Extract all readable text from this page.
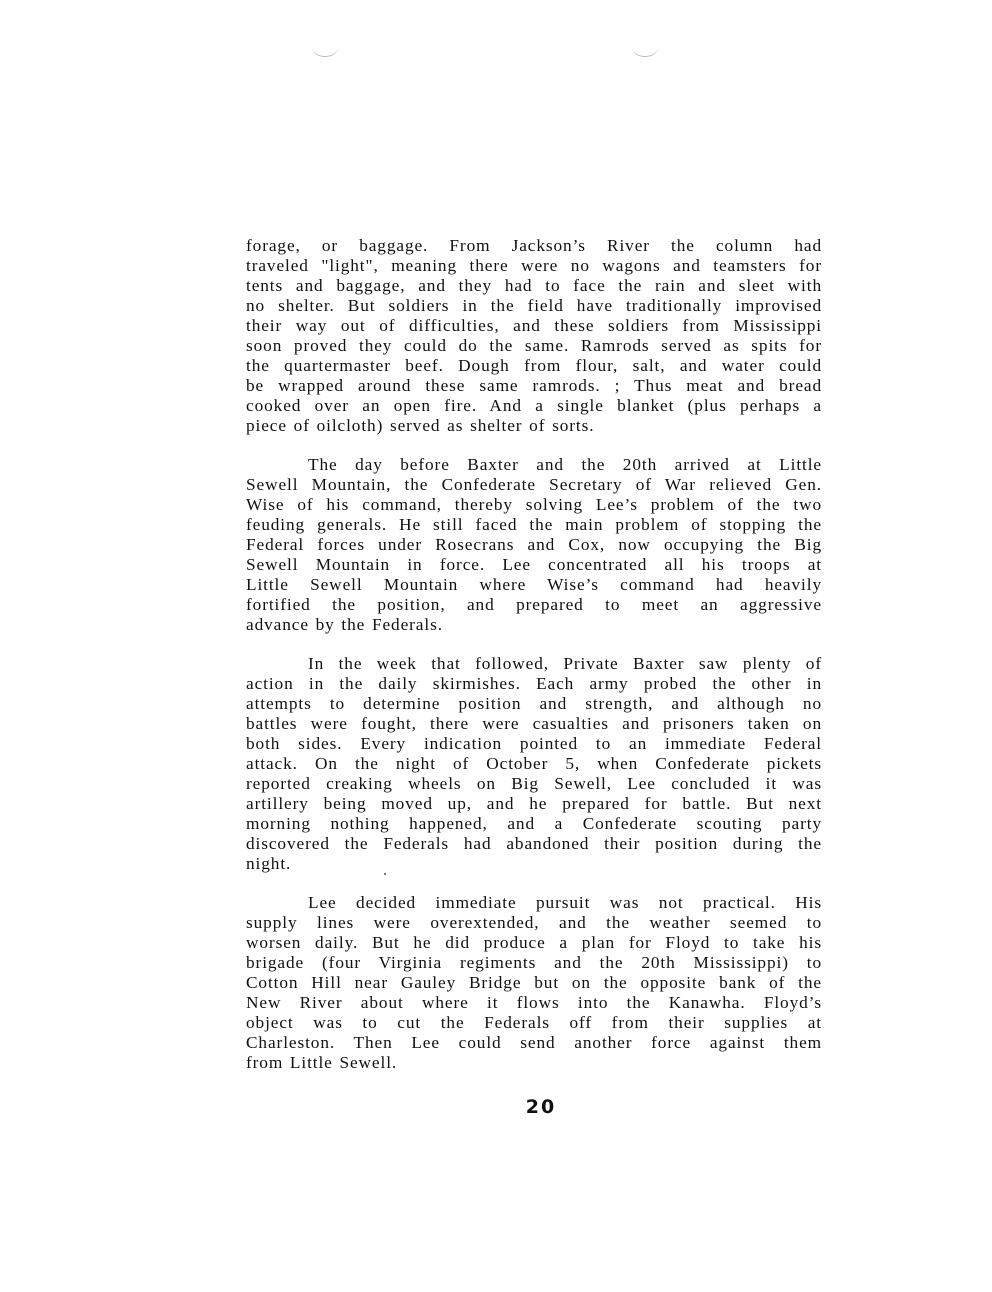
forage, or baggage. From Jackson’s River the column had
traveled "light", meaning there were no wagons and teamsters for
tents and baggage, and they had to face the rain and sleet with
no shelter. But soldiers in the field have traditionally improvised
their way out of difficulties, and these soldiers from Mississippi
soon proved they could do the same. Ramrods served as spits for
the quartermaster beef. Dough from flour, salt, and water could
be wrapped around these same ramrods. ; Thus meat and bread
cooked over an open fire. And a single blanket (plus perhaps a
piece of oilcloth) served as shelter of sorts.
The day before Baxter and the 20th arrived at Little
Sewell Mountain, the Confederate Secretary of War relieved Gen.
Wise of his command, thereby solving Lee’s problem of the two
feuding generals. He still faced the main problem of stopping the
Federal forces under Rosecrans and Cox, now occupying the Big
Sewell Mountain in force. Lee concentrated all his troops at
Little Sewell Mountain where Wise’s command had heavily
fortified the position, and prepared to meet an aggressive
advance by the Federals.
In the week that followed, Private Baxter saw plenty of
action in the daily skirmishes. Each army probed the other in
attempts to determine position and strength, and although no
battles were fought, there were casualties and prisoners taken on
both sides. Every indication pointed to an immediate Federal
attack. On the night of October 5, when Confederate pickets
reported creaking wheels on Big Sewell, Lee concluded it was
artillery being moved up, and he prepared for battle. But next
morning nothing happened, and a Confederate scouting party
discovered the Federals had abandoned their position during the
night.
Lee decided immediate pursuit was not practical. His
supply lines were overextended, and the weather seemed to
worsen daily. But he did produce a plan for Floyd to take his
brigade (four Virginia regiments and the 20th Mississippi) to
Cotton Hill near Gauley Bridge but on the opposite bank of the
New River about where it flows into the Kanawha. Floyd’s
object was to cut the Federals off from their supplies at
Charleston. Then Lee could send another force against them
from Little Sewell.
20
